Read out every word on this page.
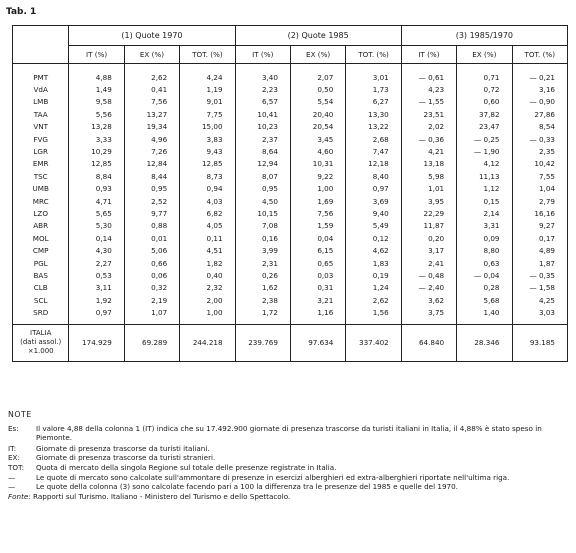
Tab. 1
	(1) Quote 1970			(2) Quote 1985			(3) 1985/1970		
	IT (%)	EX (%)	TOT. (%)	IT (%)	EX (%)	TOT. (%)	IT (%)	EX (%)	TOT. (%)

PMT	4,88	2,62	4,24	3,40	2,07	3,01	— 0,61	0,71	— 0,21
VdA	1,49	0,41	1,19	2,23	0,50	1,73	4,23	0,72	3,16
LMB	9,58	7,56	9,01	6,57	5,54	6,27	— 1,55	0,60	— 0,90
TAA	5,56	13,27	7,75	10,41	20,40	13,30	23,51	37,82	27,86
VNT	13,28	19,34	15,00	10,23	20,54	13,22	2,02	23,47	8,54
FVG	3,33	4,96	3,83	2,37	3,45	2,68	— 0,36	— 0,25	— 0,33
LGR	10,29	7,26	9,43	8,64	4,60	7,47	4,21	— 1,90	2,35
EMR	12,85	12,84	12,85	12,94	10,31	12,18	13,18	4,12	10,42
TSC	8,84	8,44	8,73	8,07	9,22	8,40	5,98	11,13	7,55
UMB	0,93	0,95	0,94	0,95	1,00	0,97	1,01	1,12	1,04
MRC	4,71	2,52	4,03	4,50	1,69	3,69	3,95	0,15	2,79
LZO	5,65	9,77	6,82	10,15	7,56	9,40	22,29	2,14	16,16
ABR	5,30	0,88	4,05	7,08	1,59	5,49	11,87	3,31	9,27
MOL	0,14	0,01	0,11	0,16	0,04	0,12	0,20	0,09	0,17
CMP	4,30	5,06	4,51	3,99	6,15	4,62	3,17	8,80	4,89
PGL	2,27	0,66	1,82	2,31	0,65	1,83	2,41	0,63	1,87
BAS	0,53	0,06	0,40	0,26	0,03	0,19	— 0,48	— 0,04	— 0,35
CLB	3,11	0,32	2,32	1,62	0,31	1,24	— 2,40	0,28	— 1,58
SCL	1,92	2,19	2,00	2,38	3,21	2,62	3,62	5,68	4,25
SRD	0,97	1,07	1,00	1,72	1,16	1,56	3,75	1,40	3,03

ITALIA
(dati assol.)
×1.000	174.929	69.289	244.218	239.769	97.634	337.402	64.840	28.346	93.185
NOTE
Es: Il valore 4,88 della colonna 1 (IT) indica che su 17.492.900 giornate di presenza trascorse da turisti italiani in Italia, il 4,88% è stato speso in Piemonte.
IT:	Giornate di presenza trascorse da turisti italiani.
EX: Giornate di presenza trascorse da turisti stranieri.
TOT: Quota di mercato della singola Regione sul totale delle presenze registrate in Italia.
—	Le quote di mercato sono calcolate sull'ammontare di presenze in esercizi alberghieri ed extra-alberghieri riportate nell'ultima riga.
—	Le quote della colonna (3) sono calcolate facendo pari a 100 la differenza tra le presenze del 1985 e quelle del 1970.
Fonte: Rapporti sul Turismo. Italiano - Ministero del Turismo e dello Spettacolo.
